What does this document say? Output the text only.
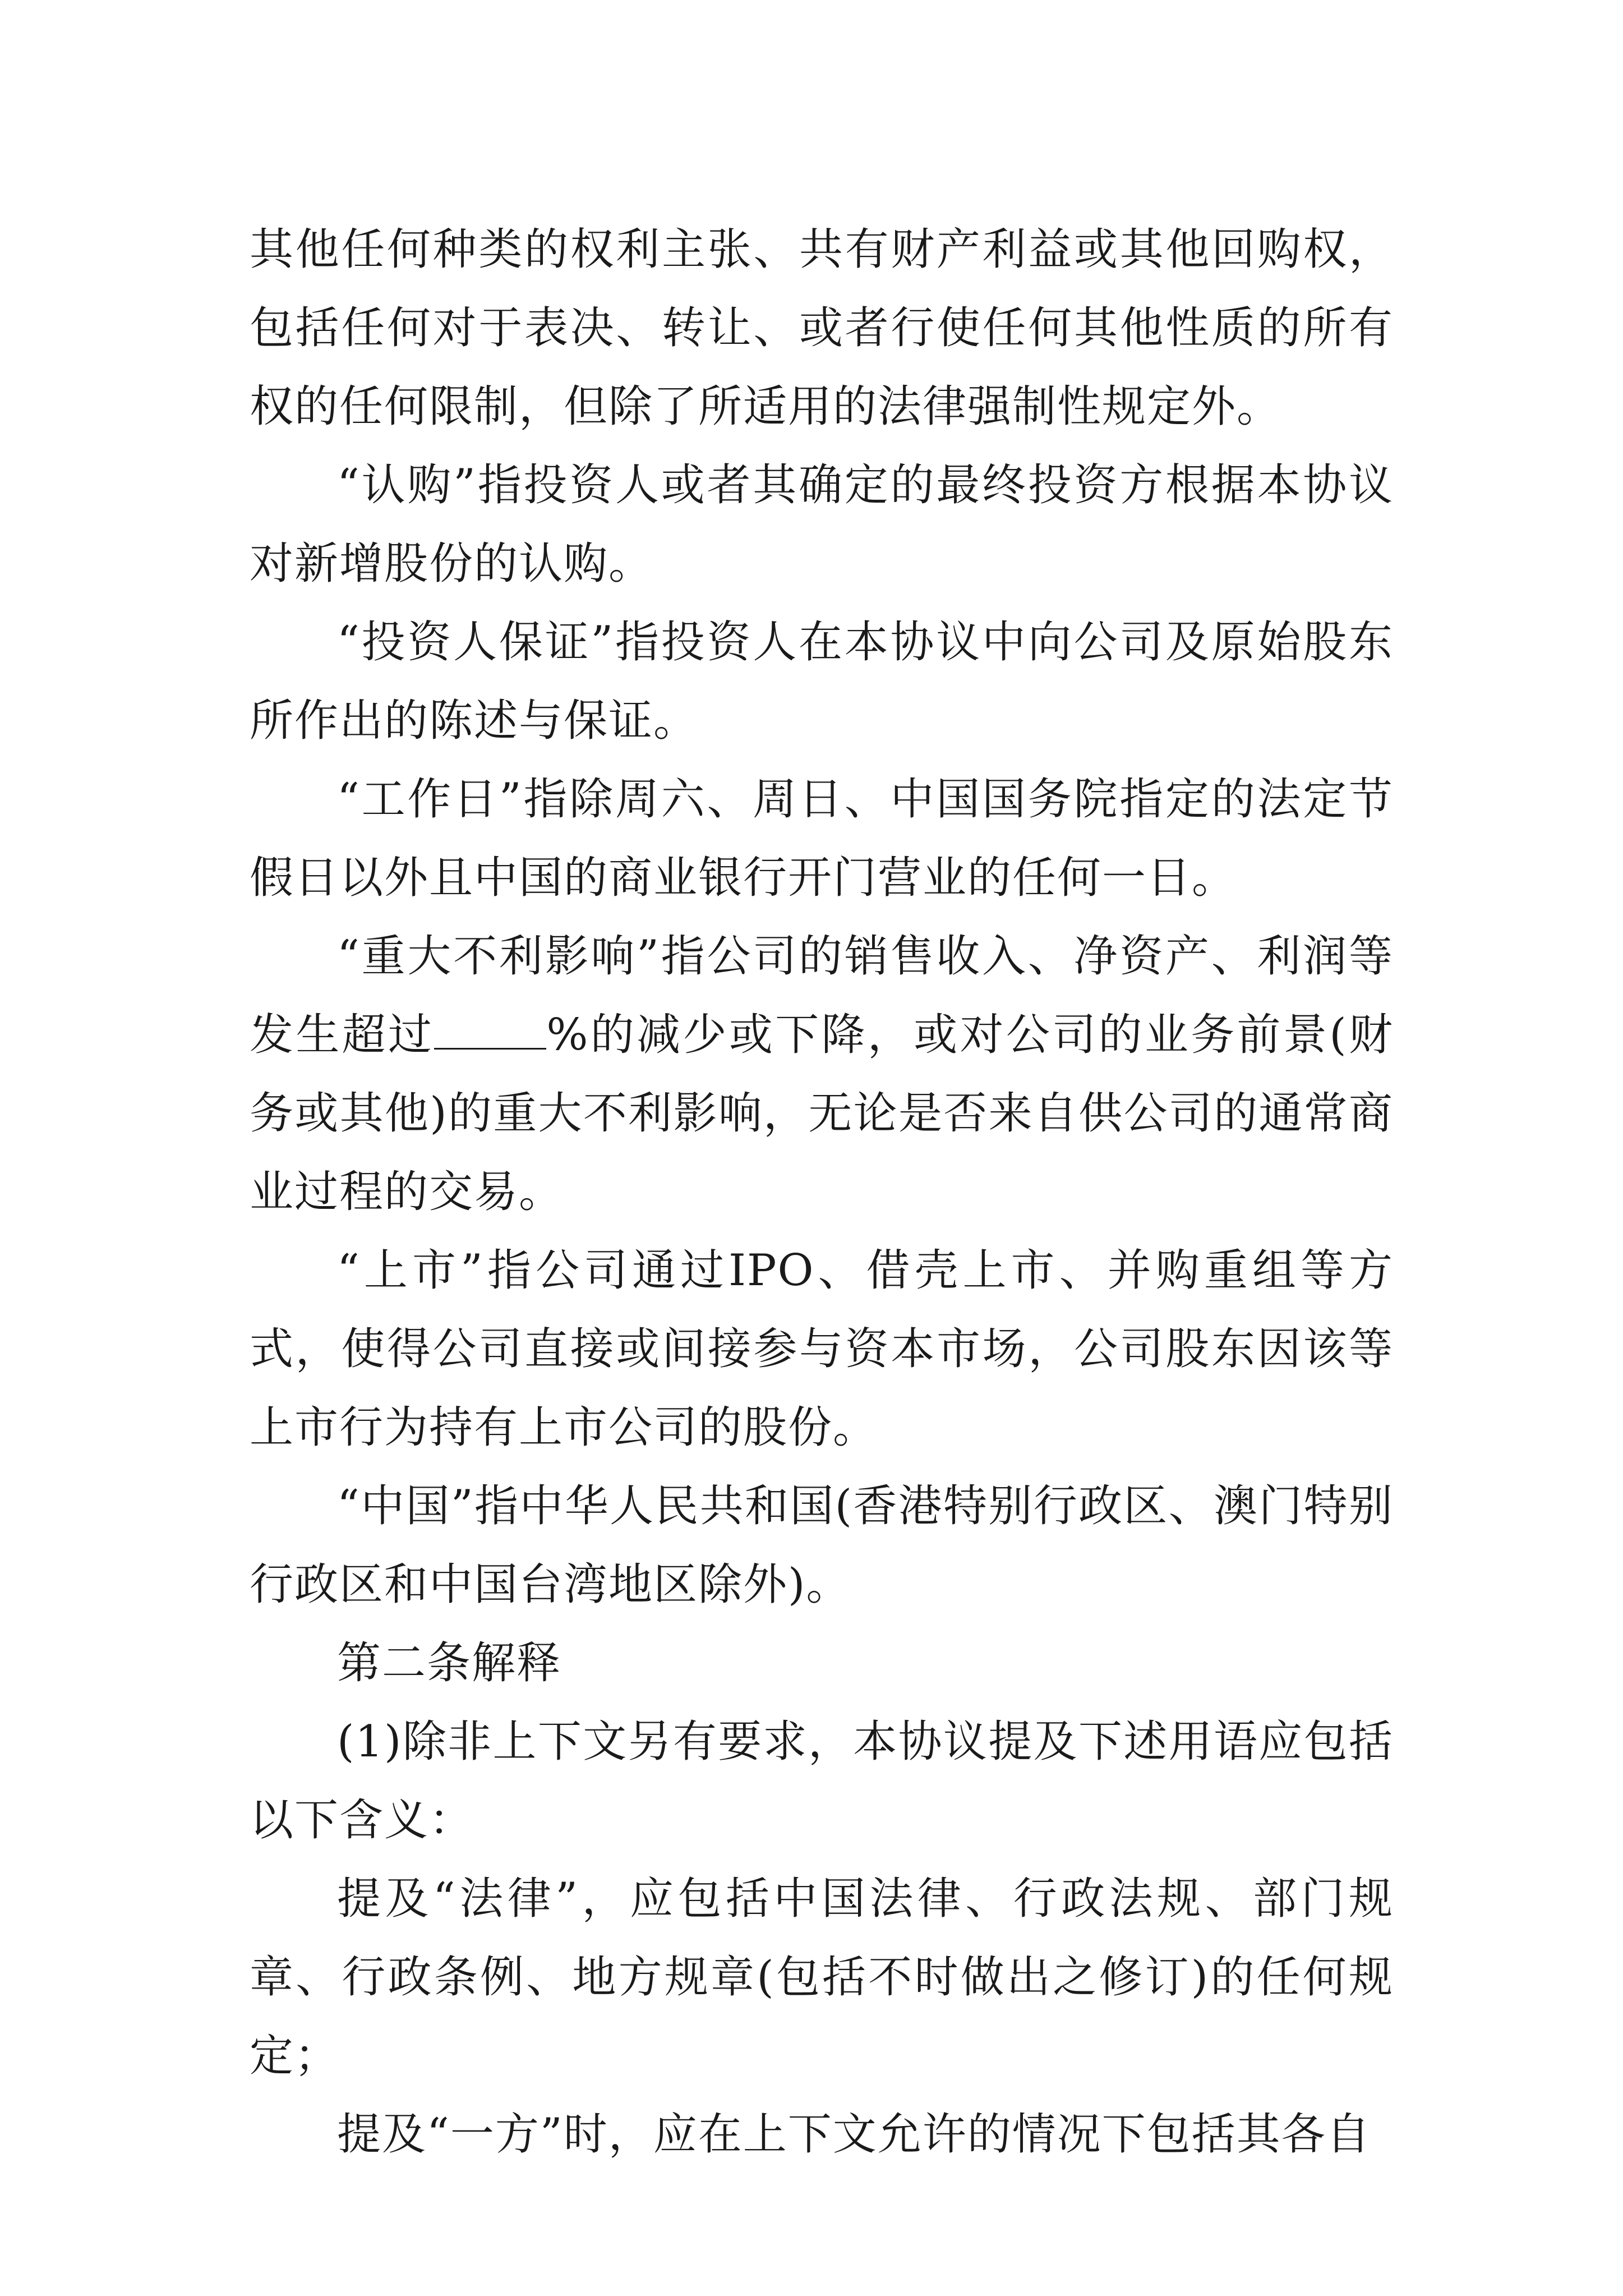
其他任何种类的权利主张、共有财产利益或其他回购权，包括任何对于表决、转让、或者行使任何其他性质的所有权的任何限制，但除了所适用的法律强制性规定外。

“认购”指投资人或者其确定的最终投资方根据本协议对新增股份的认购。

“投资人保证”指投资人在本协议中向公司及原始股东所作出的陈述与保证。

“工作日”指除周六、周日、中国国务院指定的法定节假日以外且中国的商业银行开门营业的任何一日。

“重大不利影响”指公司的销售收入、净资产、利润等发生超过	%的减少或下降，或对公司的业务前景(财务或其他)的重大不利影响，无论是否来自供公司的通常商业过程的交易。

“上市”指公司通过IPO、借壳上市、并购重组等方式，使得公司直接或间接参与资本市场，公司股东因该等上市行为持有上市公司的股份。

“中国”指中华人民共和国(香港特别行政区、澳门特别行政区和中国台湾地区除外)。

第二条解释

(1)除非上下文另有要求，本协议提及下述用语应包括以下含义：

提及“法律”，应包括中国法律、行政法规、部门规章、行政条例、地方规章(包括不时做出之修订)的任何规定；

提及“一方”时，应在上下文允许的情况下包括其各自
